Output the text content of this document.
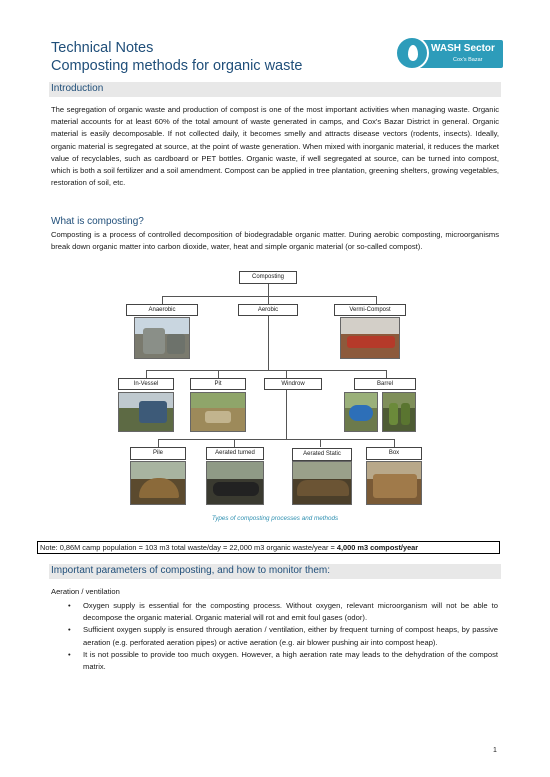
Technical Notes
Composting methods for organic waste
WASH Sector
Cox's Bazar
Introduction
The segregation of organic waste and production of compost is one of the most important activities when managing waste. Organic material accounts for at least 60% of the total amount of waste generated in camps, and Cox's Bazar District in general. Organic material is easily decomposable. If not collected daily, it becomes smelly and attracts disease vectors (rodents, insects). Ideally, organic material is segregated at source, at the point of waste generation. When mixed with inorganic material, it reduces the market value of recyclables, such as cardboard or PET bottles. Organic waste, if well segregated at source, can be turned into compost, which is both a soil fertilizer and a soil amendment. Compost can be applied in tree plantation, greening shelters, growing vegetables, restoration of soil, etc.
What is composting?
Composting is a process of controlled decomposition of biodegradable organic matter. During aerobic composting, microorganisms break down organic matter into carbon dioxide, water, heat and simple organic material (or so-called compost).
Composting
Anaerobic	Aerobic	Vermi-Compost
In-Vessel	Pit	Windrow	Barrel
Pile	Aerated turned	Aerated Static	Box
Types of composting processes and methods
Note: 0,86M camp population = 103 m3 total waste/day = 22,000 m3 organic waste/year = 4,000 m3 compost/year
Important parameters of composting, and how to monitor them:
Aeration / ventilation
• Oxygen supply is essential for the composting process. Without oxygen, relevant microorganism will not be able to decompose the organic material. Organic material will rot and emit foul gases (odor).
• Sufficient oxygen supply is ensured through aeration / ventilation, either by frequent turning of compost heaps, by passive aeration (e.g. perforated aeration pipes) or active aeration (e.g. air blower pushing air into compost heap).
• It is not possible to provide too much oxygen. However, a high aeration rate may leads to the dehydration of the compost matrix.
1
